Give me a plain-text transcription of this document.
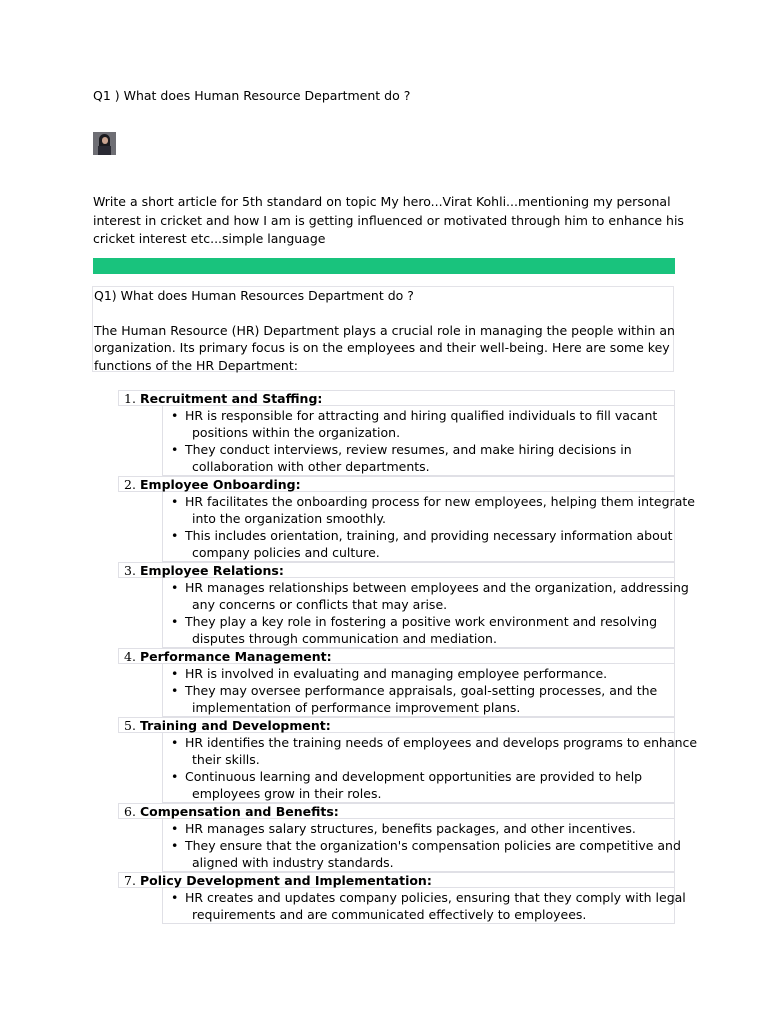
Q1 ) What does Human Resource Department do ?

Write a short article for 5th standard on topic My hero...Virat Kohli...mentioning my personal

interest in cricket and how I am is getting influenced or motivated through him to enhance his

cricket interest etc...simple language

Q1) What does Human Resources Department do ?

The Human Resource (HR) Department plays a crucial role in managing the people within an

organization. Its primary focus is on the employees and their well-being. Here are some key

functions of the HR Department:

1. Recruitment and Staffing:
• HR is responsible for attracting and hiring qualified individuals to fill vacant
positions within the organization.
• They conduct interviews, review resumes, and make hiring decisions in
collaboration with other departments.
2. Employee Onboarding:
• HR facilitates the onboarding process for new employees, helping them integrate
into the organization smoothly.
• This includes orientation, training, and providing necessary information about
company policies and culture.
3. Employee Relations:
• HR manages relationships between employees and the organization, addressing
any concerns or conflicts that may arise.
• They play a key role in fostering a positive work environment and resolving
disputes through communication and mediation.
4. Performance Management:
• HR is involved in evaluating and managing employee performance.
• They may oversee performance appraisals, goal-setting processes, and the
implementation of performance improvement plans.
5. Training and Development:
• HR identifies the training needs of employees and develops programs to enhance
their skills.
• Continuous learning and development opportunities are provided to help
employees grow in their roles.
6. Compensation and Benefits:
• HR manages salary structures, benefits packages, and other incentives.
• They ensure that the organization's compensation policies are competitive and
aligned with industry standards.
7. Policy Development and Implementation:
• HR creates and updates company policies, ensuring that they comply with legal
requirements and are communicated effectively to employees.
